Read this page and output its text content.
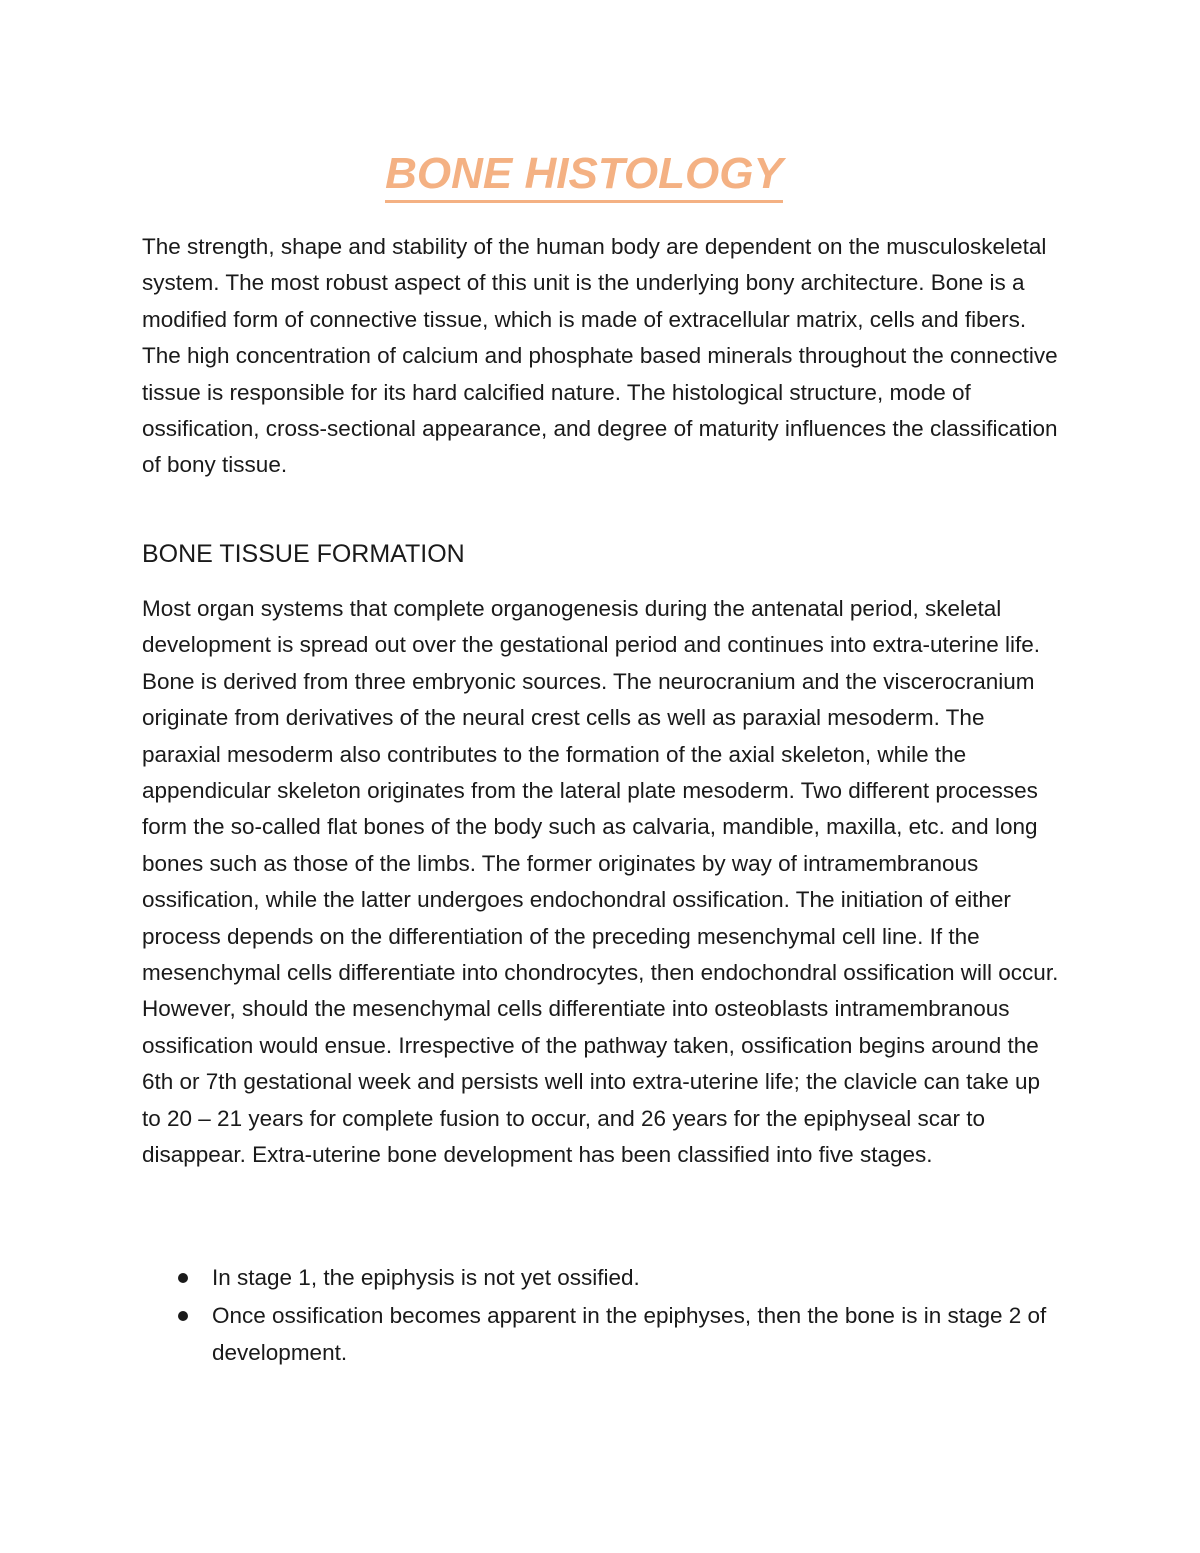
BONE HISTOLOGY

The strength, shape and stability of the human body are dependent on the musculoskeletal system. The most robust aspect of this unit is the underlying bony architecture. Bone is a modified form of connective tissue, which is made of extracellular matrix, cells and fibers. The high concentration of calcium and phosphate based minerals throughout the connective tissue is responsible for its hard calcified nature. The histological structure, mode of ossification, cross-sectional appearance, and degree of maturity influences the classification of bony tissue.

BONE TISSUE FORMATION

Most organ systems that complete organogenesis during the antenatal period, skeletal development is spread out over the gestational period and continues into extra-uterine life. Bone is derived from three embryonic sources. The neurocranium and the viscerocranium originate from derivatives of the neural crest cells as well as paraxial mesoderm. The paraxial mesoderm also contributes to the formation of the axial skeleton, while the appendicular skeleton originates from the lateral plate mesoderm. Two different processes form the so-called flat bones of the body such as calvaria, mandible, maxilla, etc. and long bones such as those of the limbs. The former originates by way of intramembranous ossification, while the latter undergoes endochondral ossification. The initiation of either process depends on the differentiation of the preceding mesenchymal cell line. If the mesenchymal cells differentiate into chondrocytes, then endochondral ossification will occur. However, should the mesenchymal cells differentiate into osteoblasts intramembranous ossification would ensue. Irrespective of the pathway taken, ossification begins around the 6th or 7th gestational week and persists well into extra-uterine life; the clavicle can take up to 20 – 21 years for complete fusion to occur, and 26 years for the epiphyseal scar to disappear. Extra-uterine bone development has been classified into five stages.

In stage 1, the epiphysis is not yet ossified.
Once ossification becomes apparent in the epiphyses, then the bone is in stage 2 of development.
